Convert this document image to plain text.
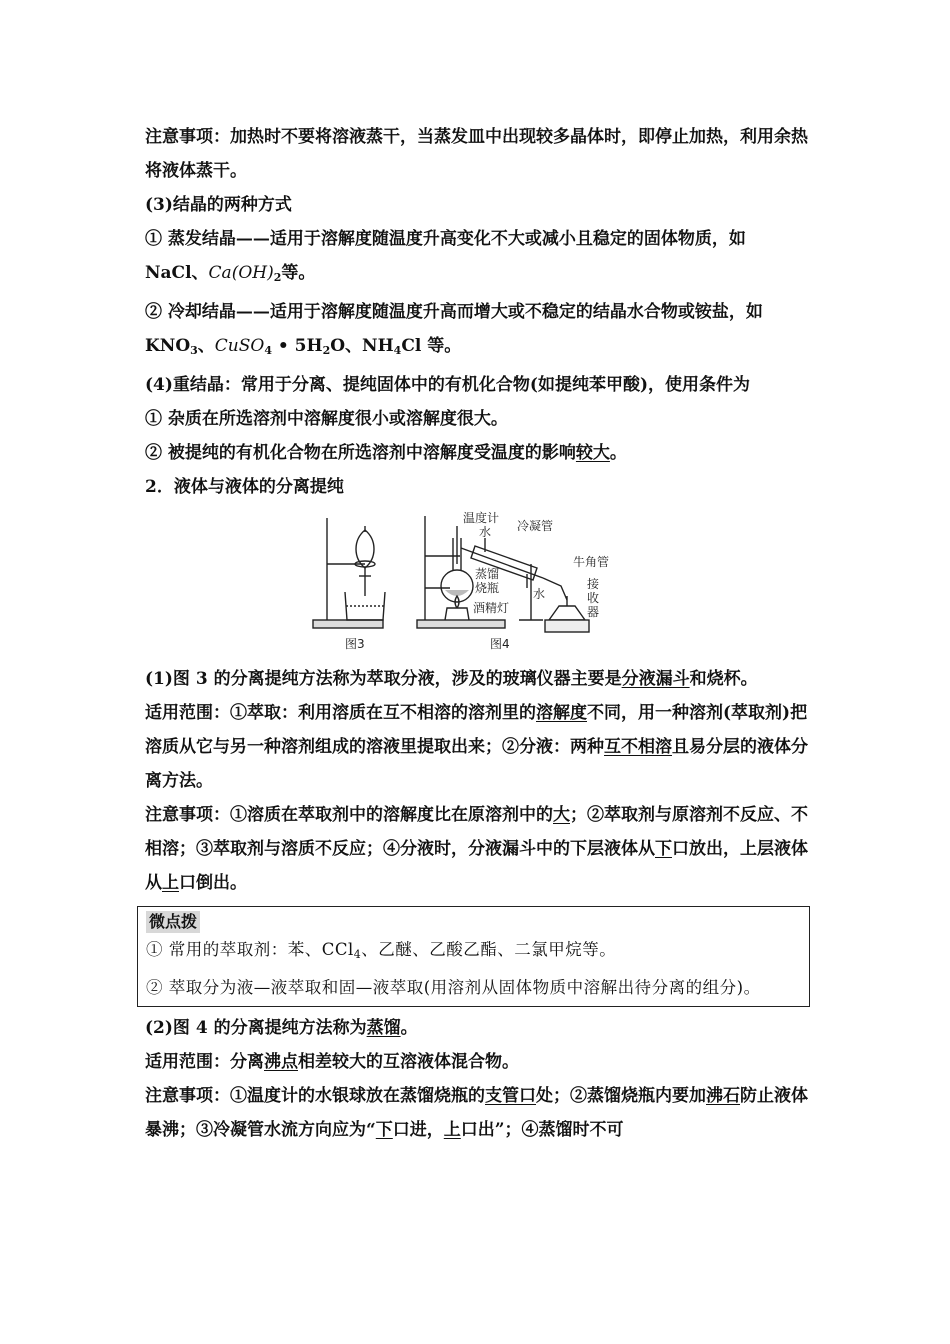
注意事项：加热时不要将溶液蒸干，当蒸发皿中出现较多晶体时，即停止加热，利用余热将液体蒸干。

(3)结晶的两种方式

① 蒸发结晶——适用于溶解度随温度升高变化不大或减小且稳定的固体物质，如 NaCl、$Ca(OH)_2$等。

② 冷却结晶——适用于溶解度随温度升高而增大或不稳定的结晶水合物或铵盐，如 $KNO_3$、CuSO$_4$ • $5H_2O$、$NH_4Cl$ 等。

(4)重结晶：常用于分离、提纯固体中的有机化合物(如提纯苯甲酸)，使用条件为

① 杂质在所选溶剂中溶解度很小或溶解度很大。

② 被提纯的有机化合物在所选溶剂中溶解度受温度的影响较大。

2．液体与液体的分离提纯

图3	图4
温度计
水 冷凝管
蒸馏
烧瓶
酒精灯
牛角管
水
接
收
器

(1)图 3 的分离提纯方法称为萃取分液，涉及的玻璃仪器主要是分液漏斗和烧杯。

适用范围：①萃取：利用溶质在互不相溶的溶剂里的溶解度不同，用一种溶剂(萃取剂)把溶质从它与另一种溶剂组成的溶液里提取出来；②分液：两种互不相溶且易分层的液体分离方法。

注意事项：①溶质在萃取剂中的溶解度比在原溶剂中的大；②萃取剂与原溶剂不反应、不相溶；③萃取剂与溶质不反应；④分液时，分液漏斗中的下层液体从下口放出，上层液体从上口倒出。

微点拨

① 常用的萃取剂：苯、CCl$_4$、乙醚、乙酸乙酯、二氯甲烷等。

② 萃取分为液—液萃取和固—液萃取(用溶剂从固体物质中溶解出待分离的组分)。

(2)图 4 的分离提纯方法称为蒸馏。

适用范围：分离沸点相差较大的互溶液体混合物。

注意事项：①温度计的水银球放在蒸馏烧瓶的支管口处；②蒸馏烧瓶内要加沸石防止液体暴沸；③冷凝管水流方向应为“下口进，上口出”；④蒸馏时不可
